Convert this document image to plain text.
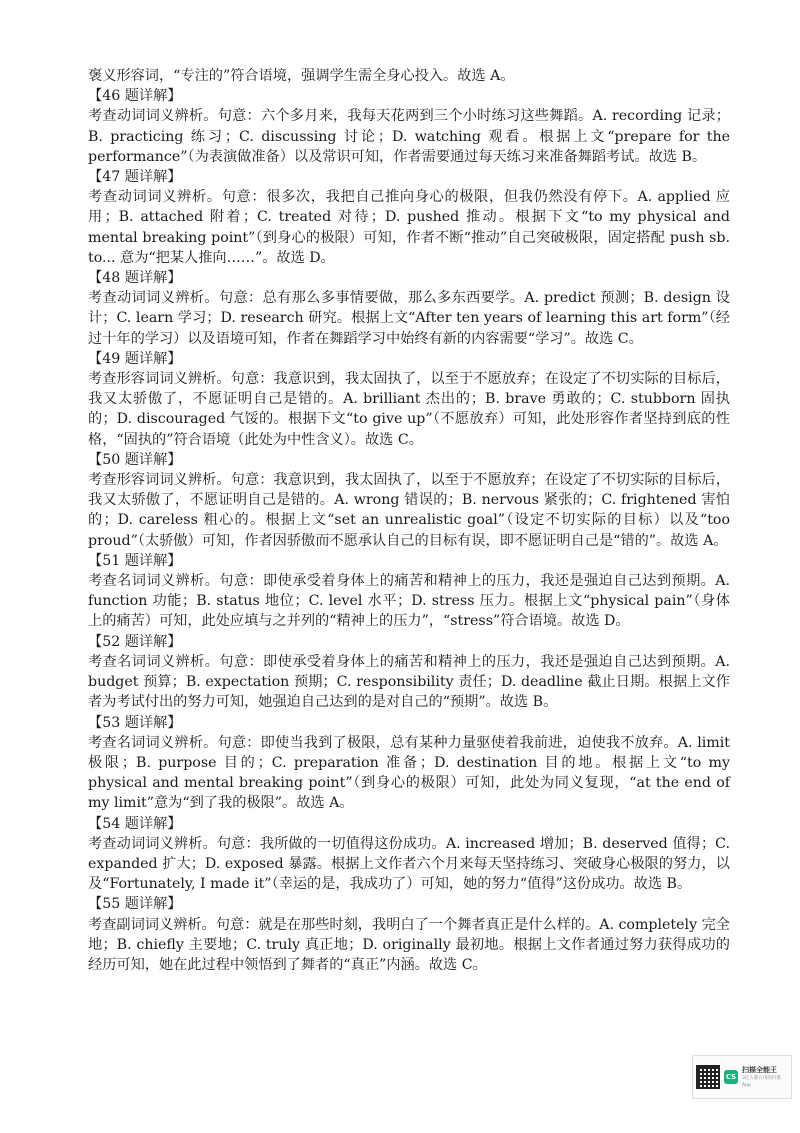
褒义形容词，“专注的”符合语境，强调学生需全身心投入。故选 A。

【46 题详解】

考查动词词义辨析。句意：六个多月来，我每天花两到三个小时练习这些舞蹈。A. recording 记录；B. practicing 练习；C. discussing 讨论；D. watching 观看。根据上文“prepare for the performance”（为表演做准备）以及常识可知，作者需要通过每天练习来准备舞蹈考试。故选 B。

【47 题详解】

考查动词词义辨析。句意：很多次，我把自己推向身心的极限，但我仍然没有停下。A. applied 应用；B. attached 附着；C. treated 对待；D. pushed 推动。根据下文“to my physical and mental breaking point”（到身心的极限）可知，作者不断“推动”自己突破极限，固定搭配 push sb. to... 意为“把某人推向……”。故选 D。

【48 题详解】

考查动词词义辨析。句意：总有那么多事情要做，那么多东西要学。A. predict 预测；B. design 设计；C. learn 学习；D. research 研究。根据上文“After ten years of learning this art form”（经过十年的学习）以及语境可知，作者在舞蹈学习中始终有新的内容需要“学习”。故选 C。

【49 题详解】

考查形容词词义辨析。句意：我意识到，我太固执了，以至于不愿放弃；在设定了不切实际的目标后，我又太骄傲了，不愿证明自己是错的。A. brilliant 杰出的；B. brave 勇敢的；C. stubborn 固执的；D. discouraged 气馁的。根据下文“to give up”（不愿放弃）可知，此处形容作者坚持到底的性格，“固执的”符合语境（此处为中性含义）。故选 C。

【50 题详解】

考查形容词词义辨析。句意：我意识到，我太固执了，以至于不愿放弃；在设定了不切实际的目标后，我又太骄傲了，不愿证明自己是错的。A. wrong 错误的；B. nervous 紧张的；C. frightened 害怕的；D. careless 粗心的。根据上文“set an unrealistic goal”（设定不切实际的目标）以及“too proud”（太骄傲）可知，作者因骄傲而不愿承认自己的目标有误，即不愿证明自己是“错的”。故选 A。

【51 题详解】

考查名词词义辨析。句意：即使承受着身体上的痛苦和精神上的压力，我还是强迫自己达到预期。A. function 功能；B. status 地位；C. level 水平；D. stress 压力。根据上文“physical pain”（身体上的痛苦）可知，此处应填与之并列的“精神上的压力”，“stress”符合语境。故选 D。

【52 题详解】

考查名词词义辨析。句意：即使承受着身体上的痛苦和精神上的压力，我还是强迫自己达到预期。A. budget 预算；B. expectation 预期；C. responsibility 责任；D. deadline 截止日期。根据上文作者为考试付出的努力可知，她强迫自己达到的是对自己的“预期”。故选 B。

【53 题详解】

考查名词词义辨析。句意：即使当我到了极限，总有某种力量驱使着我前进，迫使我不放弃。A. limit 极限；B. purpose 目的；C. preparation 准备；D. destination 目的地。根据上文“to my physical and mental breaking point”（到身心的极限）可知，此处为同义复现，“at the end of my limit”意为“到了我的极限”。故选 A。

【54 题详解】

考查动词词义辨析。句意：我所做的一切值得这份成功。A. increased 增加；B. deserved 值得；C. expanded 扩大；D. exposed 暴露。根据上文作者六个月来每天坚持练习、突破身心极限的努力，以及“Fortunately, I made it”（幸运的是，我成功了）可知，她的努力“值得”这份成功。故选 B。

【55 题详解】

考查副词词义辨析。句意：就是在那些时刻，我明白了一个舞者真正是什么样的。A. completely 完全地；B. chiefly 主要地；C. truly 真正地；D. originally 最初地。根据上文作者通过努力获得成功的经历可知，她在此过程中领悟到了舞者的“真正”内涵。故选 C。

CS
扫描全能王
3亿人都在用的扫描App
